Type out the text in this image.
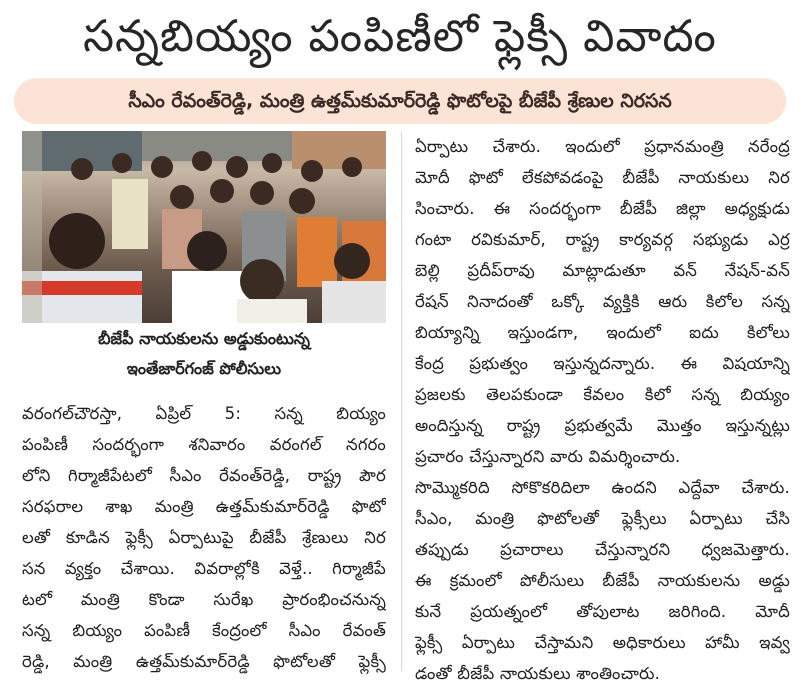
సన్నబియ్యం పంపిణీలో ఫ్లెక్సీ వివాదం
సీఎం రేవంత్‌రెడ్డి, మంత్రి ఉత్తమ్‌కుమార్‌రెడ్డి ఫొటోలపై బీజేపీ శ్రేణుల నిరసన
బీజేపీ నాయకులను అడ్డుకుంటున్న
ఇంతేజార్‌గంజ్ పోలీసులు
వరంగల్‌చౌరస్తా, ఏప్రిల్ 5: సన్న బియ్యం
పంపిణీ సందర్భంగా శనివారం వరంగల్ నగరం
లోని గిర్మాజీపేటలో సీఎం రేవంత్‌రెడ్డి, రాష్ట్ర పౌర
సరఫరాల శాఖ మంత్రి ఉత్తమ్‌కుమార్‌రెడ్డి ఫొటో
లతో కూడిన ఫ్లెక్సీ ఏర్పాటుపై బీజేపీ శ్రేణులు నిర
సన వ్యక్తం చేశాయి. వివరాల్లోకి వెళ్తే.. గిర్మాజీపే
టలో మంత్రి కొండా సురేఖ ప్రారంభించనున్న
సన్న బియ్యం పంపిణీ కేంద్రంలో సీఎం రేవంత్
రెడ్డి, మంత్రి ఉత్తమ్‌కుమార్‌రెడ్డి ఫొటోలతో ఫ్లెక్సీ
ఏర్పాటు చేశారు. ఇందులో ప్రధానమంత్రి నరేంద్ర
మోదీ ఫొటో లేకపోవడంపై బీజేపీ నాయకులు నిర
సించారు. ఈ సందర్భంగా బీజేపీ జిల్లా అధ్యక్షుడు
గంటా రవికుమార్, రాష్ట్ర కార్యవర్గ సభ్యుడు ఎర్ర
బెల్లి ప్రదీప్‌రావు మాట్లాడుతూ వన్ నేషన్-వన్
రేషన్ నినాదంతో ఒక్కో వ్యక్తికి ఆరు కిలోల సన్న
బియ్యాన్ని ఇస్తుండగా, ఇందులో ఐదు కిలోలు
కేంద్ర ప్రభుత్వం ఇస్తున్నదన్నారు. ఈ విషయాన్ని
ప్రజలకు తెలపకుండా కేవలం కిలో సన్న బియ్యం
అందిస్తున్న రాష్ట్ర ప్రభుత్వమే మొత్తం ఇస్తున్నట్లు
ప్రచారం చేస్తున్నారని వారు విమర్శించారు.
సొమ్మొకరిది సోకొకరిదిలా ఉందని ఎద్దేవా చేశారు.
సీఎం, మంత్రి ఫొటోలతో ఫ్లెక్సీలు ఏర్పాటు చేసి
తప్పుడు ప్రచారాలు చేస్తున్నారని ధ్వజమెత్తారు.
ఈ క్రమంలో పోలీసులు బీజేపీ నాయకులను అడ్డు
కునే ప్రయత్నంలో తోపులాట జరిగింది. మోదీ
ఫ్లెక్సీ ఏర్పాటు చేస్తామని అధికారులు హామీ ఇవ్వ
డంతో బీజేపీ నాయకులు శాంతించారు.
